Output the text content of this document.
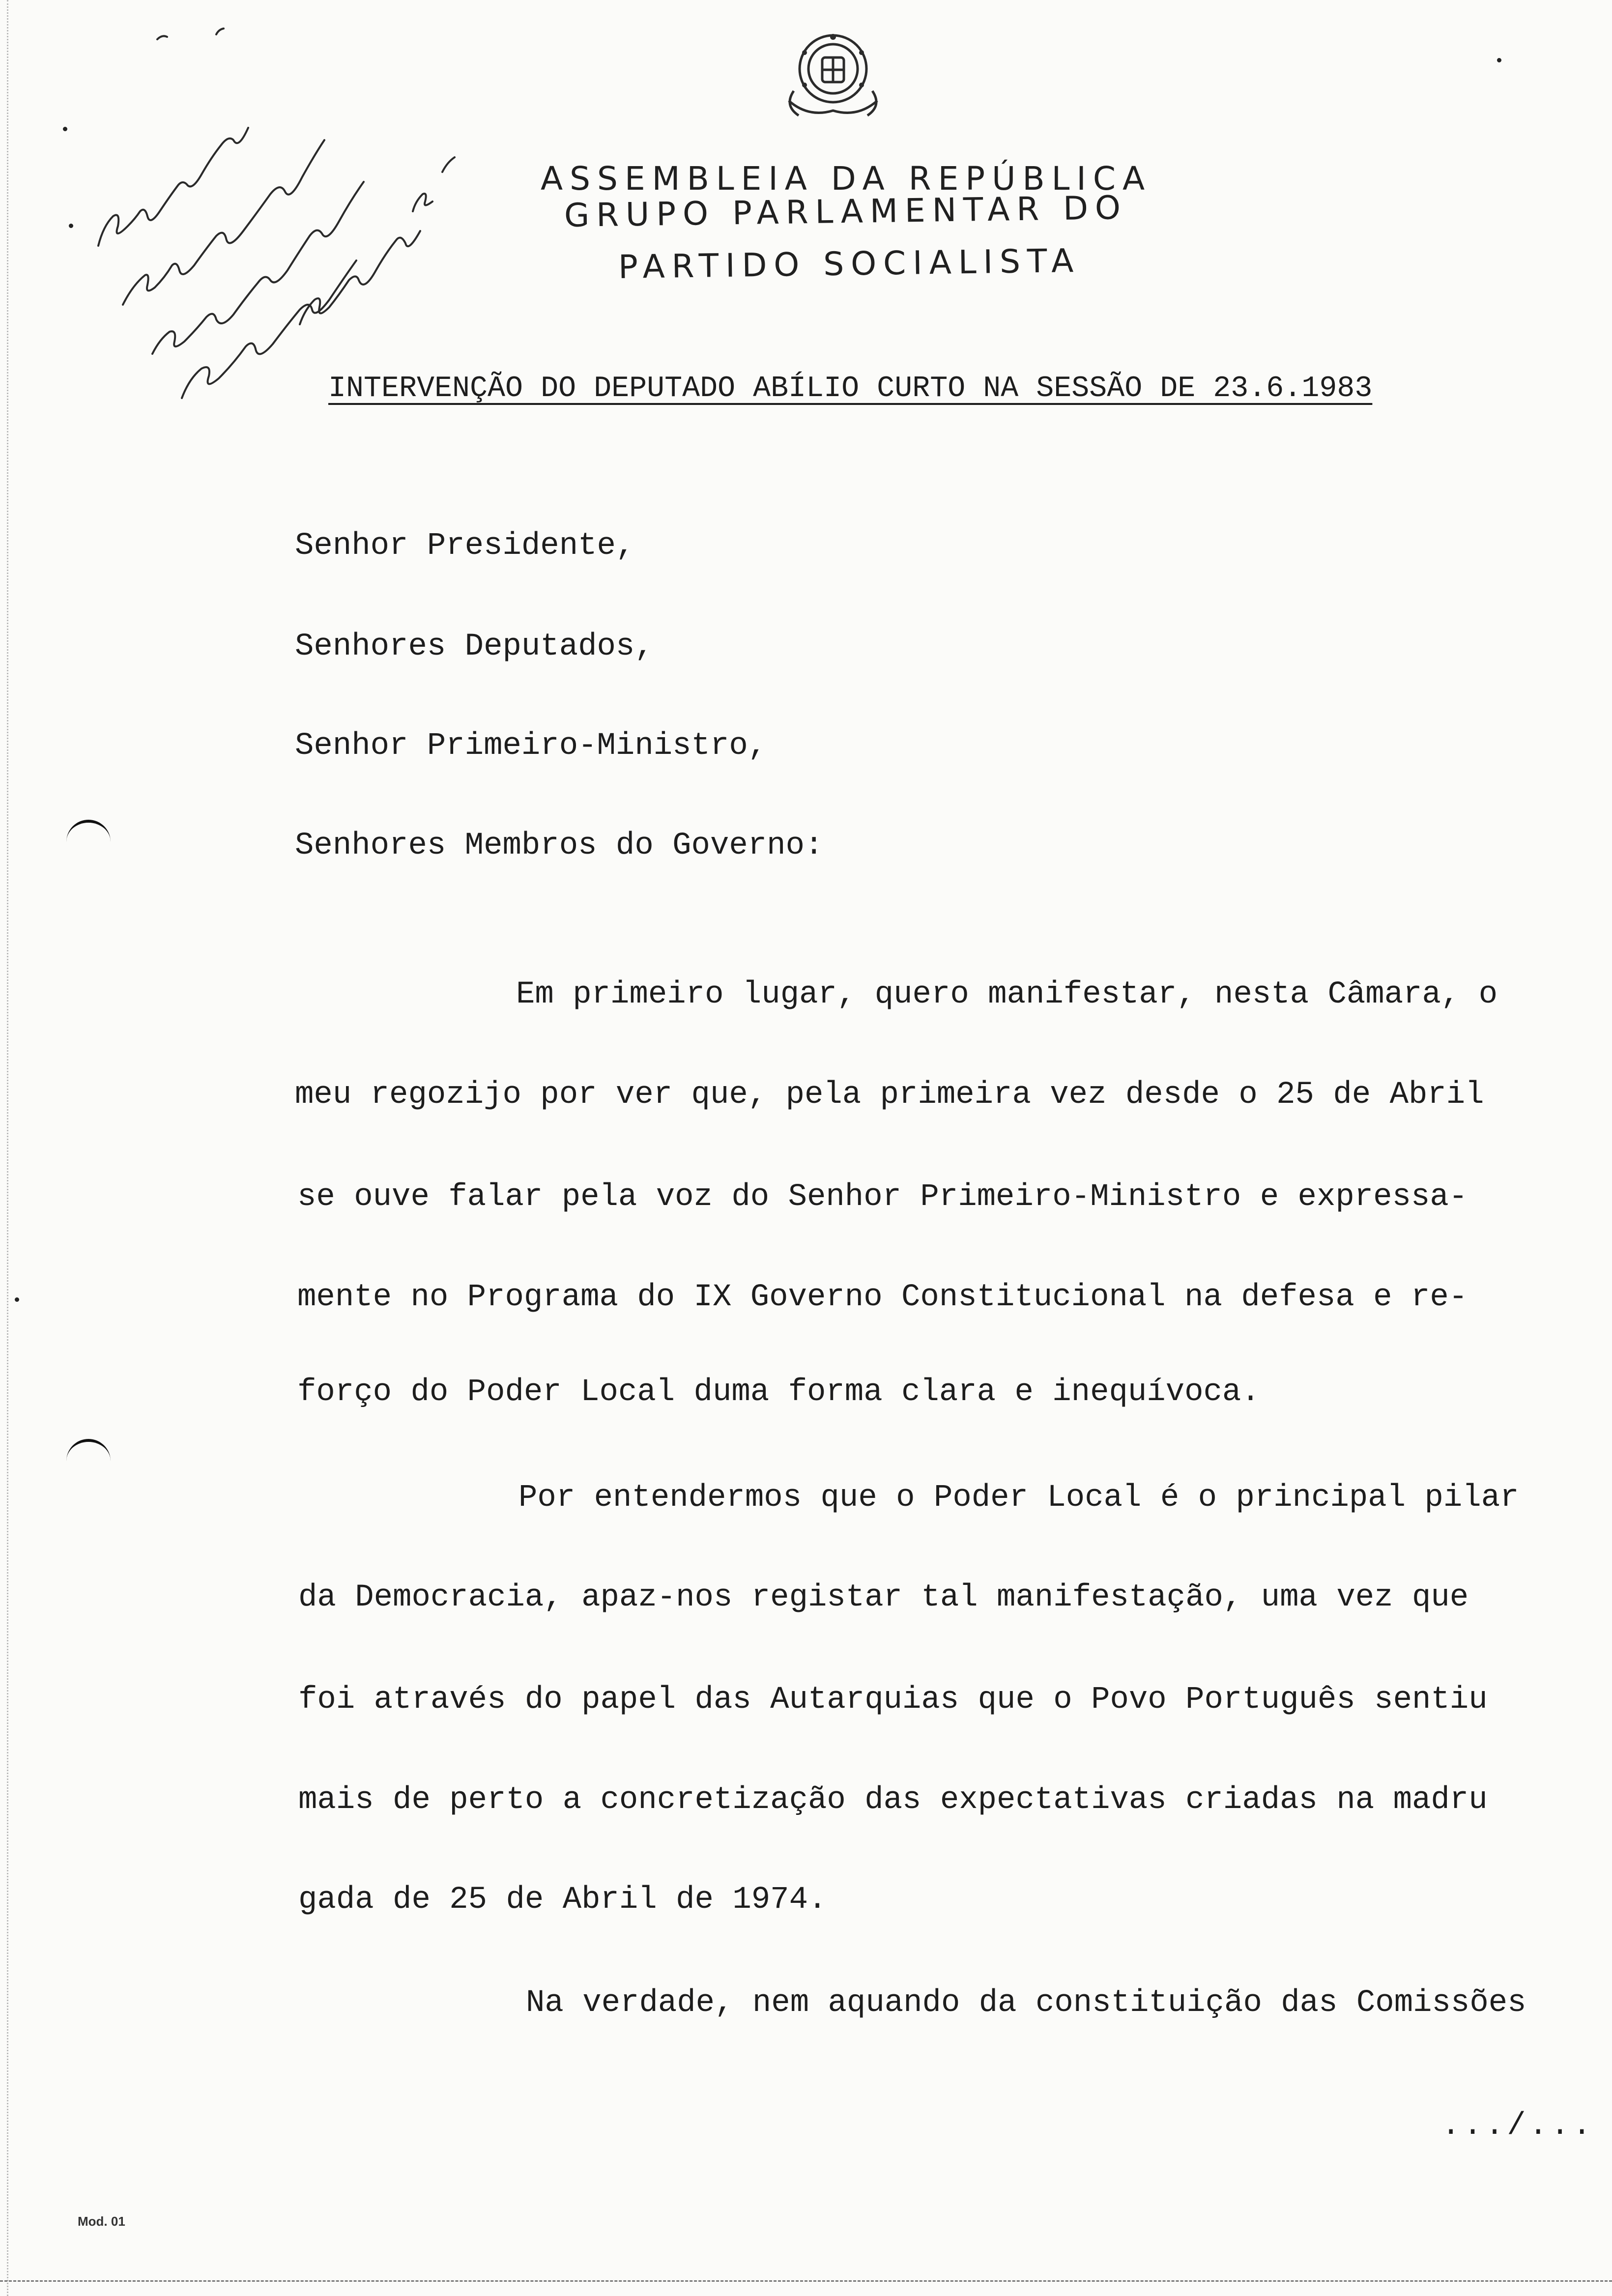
ASSEMBLEIA DA REPÚBLICA
GRUPO PARLAMENTAR DO
PARTIDO SOCIALISTA
INTERVENÇÃO DO DEPUTADO ABÍLIO CURTO NA SESSÃO DE 23.6.1983
Senhor Presidente,
Senhores Deputados,
Senhor Primeiro-Ministro,
Senhores Membros do Governo:
Em primeiro lugar, quero manifestar, nesta Câmara, o
meu regozijo por ver que, pela primeira vez desde o 25 de Abril
se ouve falar pela voz do Senhor Primeiro-Ministro e expressa-
mente no Programa do IX Governo Constitucional na defesa e re-
forço do Poder Local duma forma clara e inequívoca.
Por entendermos que o Poder Local é o principal pilar
da Democracia, apaz-nos registar tal manifestação, uma vez que
foi através do papel das Autarquias que o Povo Português sentiu
mais de perto a concretização das expectativas criadas na madru
gada de 25 de Abril de 1974.
Na verdade, nem aquando da constituição das Comissões
.../...
Mod. 01
